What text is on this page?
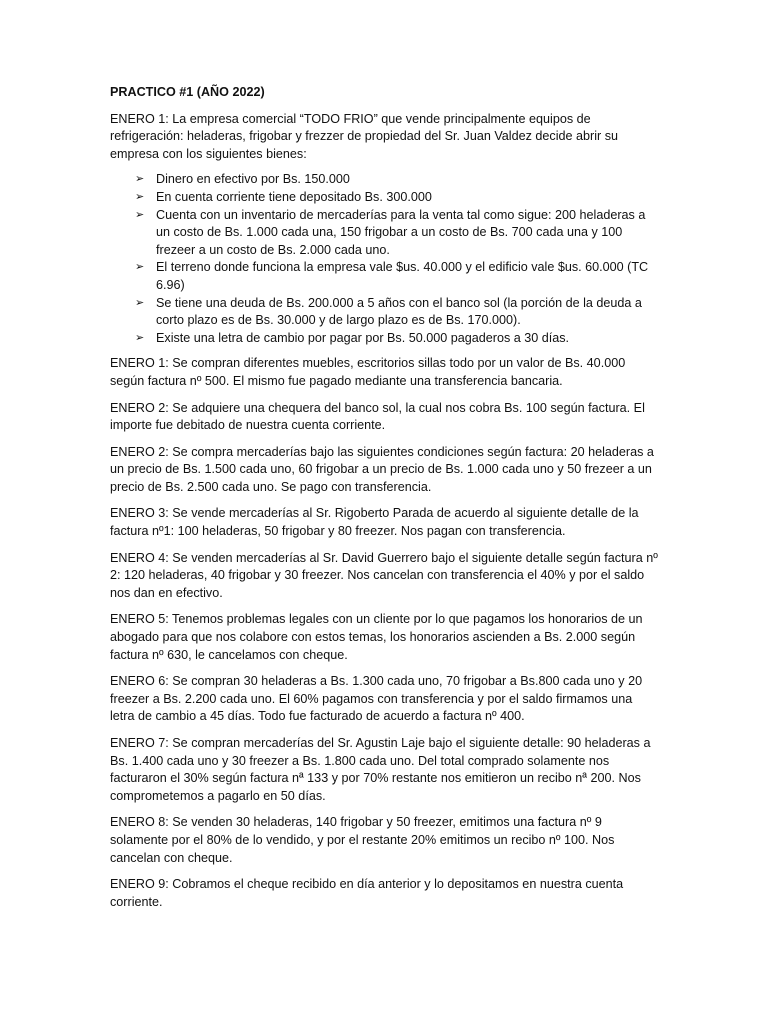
PRACTICO #1 (AÑO 2022)
ENERO 1: La empresa comercial “TODO FRIO” que vende principalmente equipos de refrigeración: heladeras, frigobar y frezzer de propiedad del Sr. Juan Valdez decide abrir su empresa con los siguientes bienes:
➢ Dinero en efectivo por Bs. 150.000
➢ En cuenta corriente tiene depositado Bs. 300.000
➢ Cuenta con un inventario de mercaderías para la venta tal como sigue: 200 heladeras a un costo de Bs. 1.000 cada una, 150 frigobar a un costo de Bs. 700 cada una y 100 frezeer a un costo de Bs. 2.000 cada uno.
➢ El terreno donde funciona la empresa vale $us. 40.000 y el edificio vale $us. 60.000 (TC 6.96)
➢ Se tiene una deuda de Bs. 200.000 a 5 años con el banco sol (la porción de la deuda a corto plazo es de Bs. 30.000 y de largo plazo es de Bs. 170.000).
➢ Existe una letra de cambio por pagar por Bs. 50.000 pagaderos a 30 días.
ENERO 1: Se compran diferentes muebles, escritorios sillas todo por un valor de Bs. 40.000 según factura nº 500. El mismo fue pagado mediante una transferencia bancaria.
ENERO 2: Se adquiere una chequera del banco sol, la cual nos cobra Bs. 100 según factura. El importe fue debitado de nuestra cuenta corriente.
ENERO 2: Se compra mercaderías bajo las siguientes condiciones según factura: 20 heladeras a un precio de Bs. 1.500 cada uno, 60 frigobar a un precio de Bs. 1.000 cada uno y 50 frezeer a un precio de Bs. 2.500 cada uno. Se pago con transferencia.
ENERO 3: Se vende mercaderías al Sr. Rigoberto Parada de acuerdo al siguiente detalle de la factura nº1: 100 heladeras, 50 frigobar y 80 freezer. Nos pagan con transferencia.
ENERO 4: Se venden mercaderías al Sr. David Guerrero bajo el siguiente detalle según factura nº 2: 120 heladeras, 40 frigobar y 30 freezer. Nos cancelan con transferencia el 40% y por el saldo nos dan en efectivo.
ENERO 5: Tenemos problemas legales con un cliente por lo que pagamos los honorarios de un abogado para que nos colabore con estos temas, los honorarios ascienden a Bs. 2.000 según factura nº 630, le cancelamos con cheque.
ENERO 6: Se compran 30 heladeras a Bs. 1.300 cada uno, 70 frigobar a Bs.800 cada uno y 20 freezer a Bs. 2.200 cada uno. El 60% pagamos con transferencia y por el saldo firmamos una letra de cambio a 45 días. Todo fue facturado de acuerdo a factura nº 400.
ENERO 7: Se compran mercaderías del Sr. Agustin Laje bajo el siguiente detalle: 90 heladeras a Bs. 1.400 cada uno y 30 freezer a Bs. 1.800 cada uno. Del total comprado solamente nos facturaron el 30% según factura nª 133 y por 70% restante nos emitieron un recibo nª 200. Nos comprometemos a pagarlo en 50 días.
ENERO 8: Se venden 30 heladeras, 140 frigobar y 50 freezer, emitimos una factura nº 9 solamente por el 80% de lo vendido, y por el restante 20% emitimos un recibo nº 100. Nos cancelan con cheque.
ENERO 9: Cobramos el cheque recibido en día anterior y lo depositamos en nuestra cuenta corriente.
